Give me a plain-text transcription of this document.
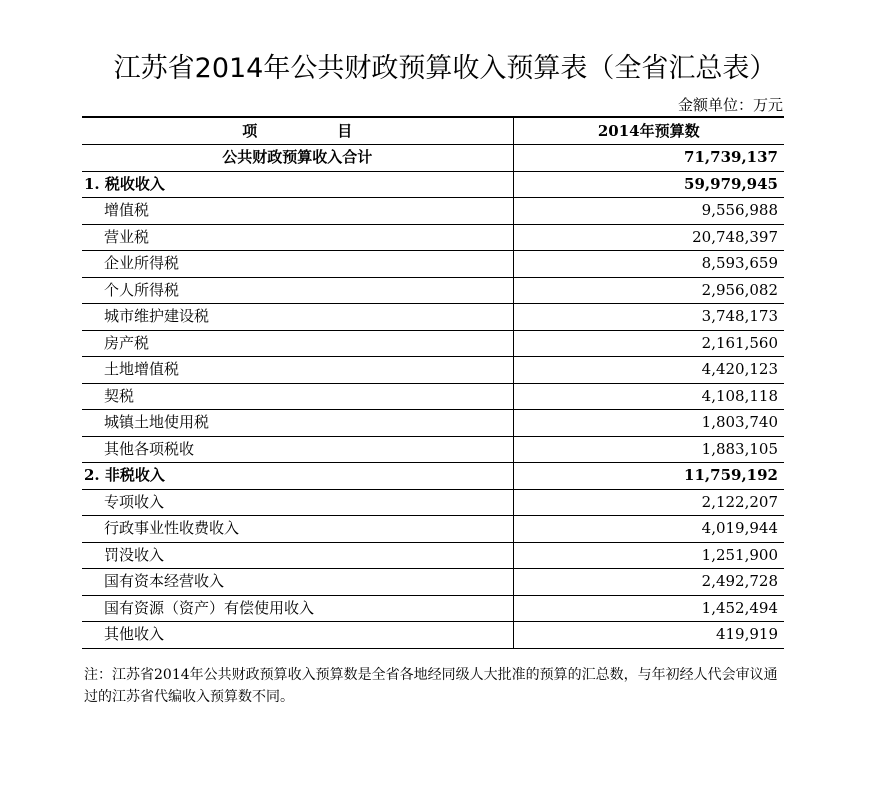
江苏省2014年公共财政预算收入预算表（全省汇总表）
金额单位：万元
项 目	2014年预算数
公共财政预算收入合计	71,739,137
1. 税收收入	59,979,945
增值税	9,556,988
营业税	20,748,397
企业所得税	8,593,659
个人所得税	2,956,082
城市维护建设税	3,748,173
房产税	2,161,560
土地增值税	4,420,123
契税	4,108,118
城镇土地使用税	1,803,740
其他各项税收	1,883,105
2. 非税收入	11,759,192
专项收入	2,122,207
行政事业性收费收入	4,019,944
罚没收入	1,251,900
国有资本经营收入	2,492,728
国有资源（资产）有偿使用收入	1,452,494
其他收入	419,919
注：江苏省2014年公共财政预算收入预算数是全省各地经同级人大批准的预算的汇总数，与年初经人代会审议通过的江苏省代编收入预算数不同。
